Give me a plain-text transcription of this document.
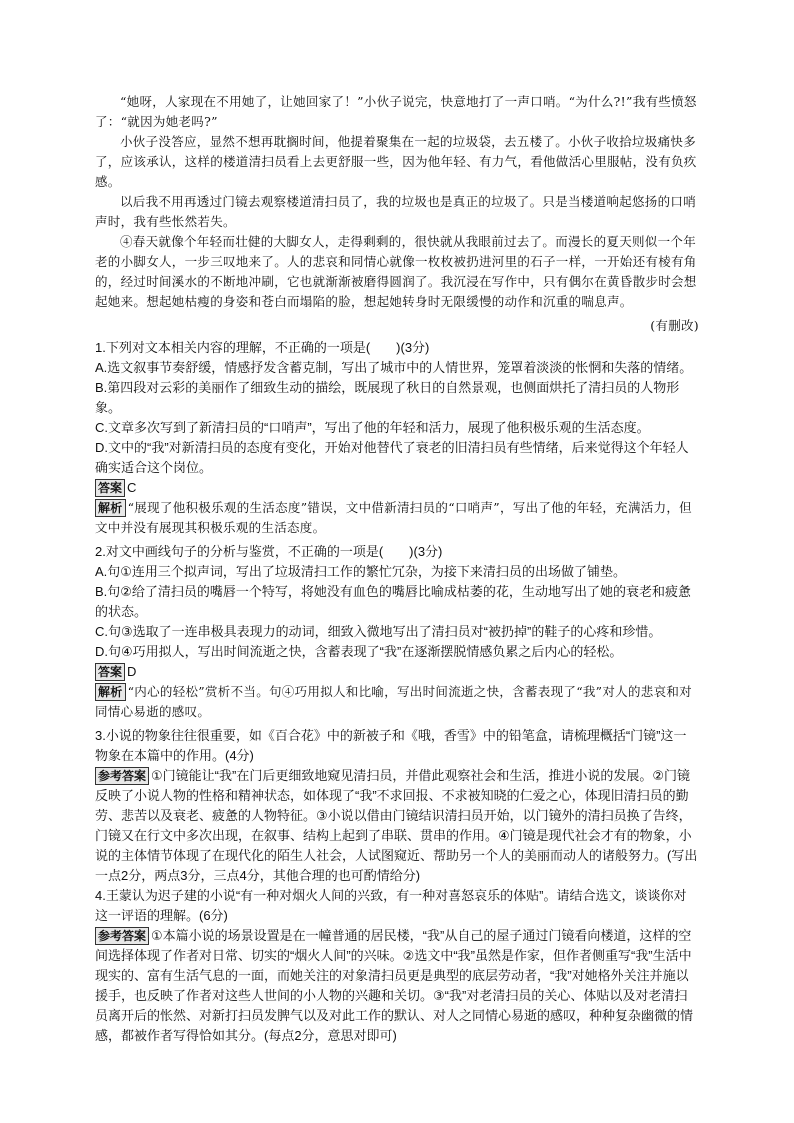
“她呀，人家现在不用她了，让她回家了！”小伙子说完，快意地打了一声口哨。“为什么?!”我有些愤怒了：“就因为她老吗?”

小伙子没答应，显然不想再耽搁时间，他提着聚集在一起的垃圾袋，去五楼了。小伙子收拾垃圾痛快多了，应该承认，这样的楼道清扫员看上去更舒服一些，因为他年轻、有力气，看他做活心里服帖，没有负疚感。

以后我不用再透过门镜去观察楼道清扫员了，我的垃圾也是真正的垃圾了。只是当楼道响起悠扬的口哨声时，我有些怅然若失。

④春天就像个年轻而壮健的大脚女人，走得剩剩的，很快就从我眼前过去了。而漫长的夏天则似一个年老的小脚女人，一步三叹地来了。人的悲哀和同情心就像一枚枚被扔进河里的石子一样，一开始还有棱有角的，经过时间溪水的不断地冲刷，它也就渐渐被磨得圆润了。我沉浸在写作中，只有偶尔在黄昏散步时会想起她来。想起她枯瘦的身姿和苍白而塌陷的脸，想起她转身时无限缓慢的动作和沉重的喘息声。

(有删改)

1.下列对文本相关内容的理解，不正确的一项是(　　)(3分)

A.选文叙事节奏舒缓，情感抒发含蓄克制，写出了城市中的人情世界，笼罩着淡淡的怅惘和失落的情绪。

B.第四段对云彩的美丽作了细致生动的描绘，既展现了秋日的自然景观，也侧面烘托了清扫员的人物形象。

C.文章多次写到了新清扫员的“口哨声”，写出了他的年轻和活力，展现了他积极乐观的生活态度。

D.文中的“我”对新清扫员的态度有变化，开始对他替代了衰老的旧清扫员有些情绪，后来觉得这个年轻人确实适合这个岗位。

答案 C

解析 “展现了他积极乐观的生活态度”错误，文中借新清扫员的“口哨声”，写出了他的年轻，充满活力，但文中并没有展现其积极乐观的生活态度。

2.对文中画线句子的分析与鉴赏，不正确的一项是(　　)(3分)

A.句①连用三个拟声词，写出了垃圾清扫工作的繁忙冗杂，为接下来清扫员的出场做了铺垫。

B.句②给了清扫员的嘴唇一个特写，将她没有血色的嘴唇比喻成枯萎的花，生动地写出了她的衰老和疲惫的状态。

C.句③选取了一连串极具表现力的动词，细致入微地写出了清扫员对“被扔掉”的鞋子的心疼和珍惜。

D.句④巧用拟人，写出时间流逝之快，含蓄表现了“我”在逐渐摆脱情感负累之后内心的轻松。

答案 D

解析 “内心的轻松”赏析不当。句④巧用拟人和比喻，写出时间流逝之快，含蓄表现了“我”对人的悲哀和对同情心易逝的感叹。

3.小说的物象往往很重要，如《百合花》中的新被子和《哦，香雪》中的铅笔盒，请梳理概括“门镜”这一物象在本篇中的作用。(4分)

参考答案 ①门镜能让“我”在门后更细致地窥见清扫员，并借此观察社会和生活，推进小说的发展。②门镜反映了小说人物的性格和精神状态，如体现了“我”不求回报、不求被知晓的仁爱之心，体现旧清扫员的勤劳、悲苦以及衰老、疲惫的人物特征。③小说以借由门镜结识清扫员开始，以门镜外的清扫员换了告终，门镜又在行文中多次出现，在叙事、结构上起到了串联、贯串的作用。④门镜是现代社会才有的物象，小说的主体情节体现了在现代化的陌生人社会，人试图窥近、帮助另一个人的美丽而动人的诸般努力。(写出一点2分，两点3分，三点4分，其他合理的也可酌情给分)

4.王蒙认为迟子建的小说“有一种对烟火人间的兴致，有一种对喜怒哀乐的体贴”。请结合选文，谈谈你对这一评语的理解。(6分)

参考答案 ①本篇小说的场景设置是在一幢普通的居民楼，“我”从自己的屋子通过门镜看向楼道，这样的空间选择体现了作者对日常、切实的“烟火人间”的兴味。②选文中“我”虽然是作家，但作者侧重写“我”生活中现实的、富有生活气息的一面，而她关注的对象清扫员更是典型的底层劳动者，“我”对她格外关注并施以援手，也反映了作者对这些人世间的小人物的兴趣和关切。③“我”对老清扫员的关心、体贴以及对老清扫员离开后的怅然、对新打扫员发脾气以及对此工作的默认、对人之同情心易逝的感叹，种种复杂幽微的情感，都被作者写得恰如其分。(每点2分，意思对即可)
